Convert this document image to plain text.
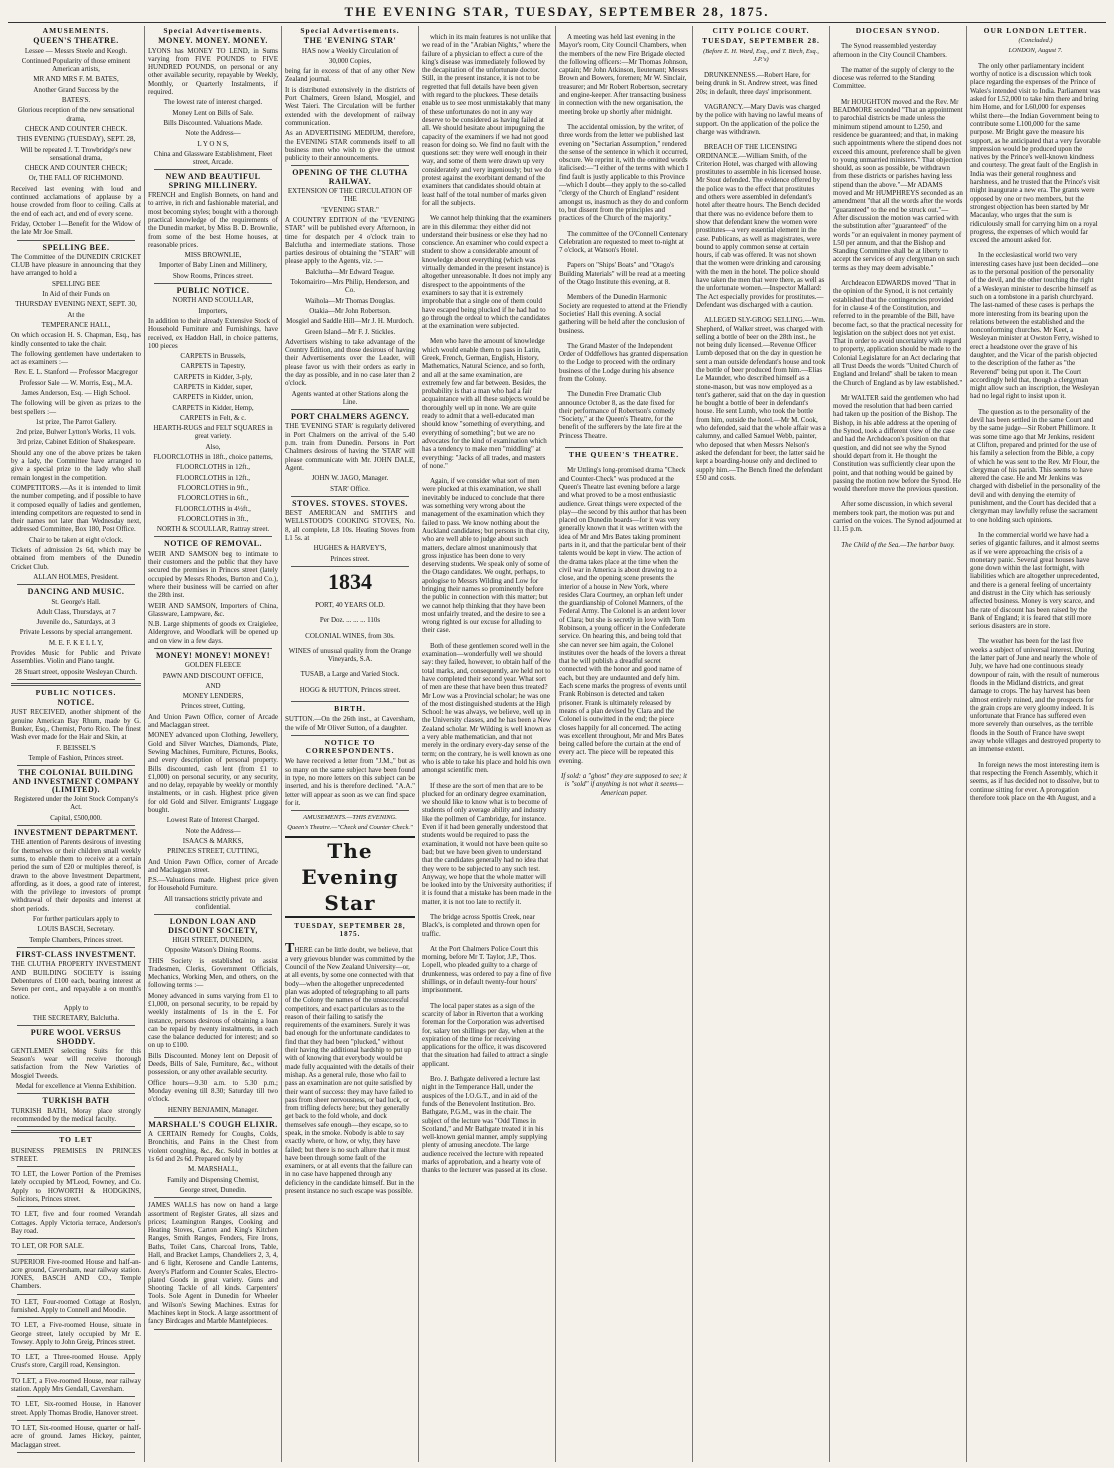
THE EVENING STAR, TUESDAY, SEPTEMBER 28, 1875.
AMUSEMENTS.
QUEEN'S THEATRE.

Lessee — Messrs Steele and Keogh.

Continued Popularity of those eminent American artists,

MR AND MRS F. M. BATES,

Another Grand Success by the

BATES'S.

Glorious reception of the new sensational drama,

CHECK AND COUNTER CHECK.

THIS EVENING (TUESDAY), SEPT. 28,

Will be repeated J. T. Trowbridge's new sensational drama,

CHECK AND COUNTER CHECK;

Or, THE FALL OF RICHMOND.

Received last evening with loud and continued acclamations of applause by a house crowded from floor to ceiling. Calls at the end of each act, and end of every scene.

Friday, October 1—Benefit for the Widow of the late Mr Joe Small.

SPELLING BEE.

The Committee of the DUNEDIN CRICKET CLUB have pleasure in announcing that they have arranged to hold a

SPELLING BEE

In Aid of their Funds on

THURSDAY EVENING NEXT, SEPT. 30,

At the

TEMPERANCE HALL,

On which occasion H. S. Chapman, Esq., has kindly consented to take the chair.

The following gentlemen have undertaken to act as examiners :—

Rev. E. L. Stanford — Professor Macgregor

Professor Sale — W. Morris, Esq., M.A.

James Anderson, Esq. — High School.

The following will be given as prizes to the best spellers :—

1st prize, The Parrot Gallery.

2nd prize, Bulwer Lytton's Works, 11 vols.

3rd prize, Cabinet Edition of Shakespeare.

Should any one of the above prizes be taken by a lady, the Committee have arranged to give a special prize to the lady who shall remain longest in the competition.

COMPETITORS.—As it is intended to limit the number competing, and if possible to have it composed equally of ladies and gentlemen, intending competitors are requested to send in their names not later than Wednesday next, addressed Committee, Box 180, Post Office.

Chair to be taken at eight o'clock.

Tickets of admission 2s 6d, which may be obtained from members of the Dunedin Cricket Club.

ALLAN HOLMES, President.

DANCING AND MUSIC.

St. George's Hall.

Adult Class, Thursdays, at 7

Juvenile do., Saturdays, at 3

Private Lessons by special arrangement.

M. E. F. K E L L Y,

Provides Music for Public and Private Assemblies. Violin and Piano taught.

28 Stuart street, opposite Wesleyan Church.

PUBLIC NOTICES.
NOTICE.

JUST RECEIVED, another shipment of the genuine American Bay Rhum, made by G. Bunker, Esq., Chemist, Porto Rico. The finest Wash ever made for the Hair and Skin, at

F. BEISSEL'S

Temple of Fashion, Princes street.

THE COLONIAL BUILDING AND INVESTMENT COMPANY (LIMITED).

Registered under the Joint Stock Company's Act.

Capital, £500,000.

INVESTMENT DEPARTMENT.

THE attention of Parents desirous of investing for themselves or their children small weekly sums, to enable them to receive at a certain period the sum of £20 or multiples thereof, is drawn to the above Investment Department, affording, as it does, a good rate of interest, with the privilege to investors of prompt withdrawal of their deposits and interest at short periods.

For further particulars apply to

LOUIS BASCH, Secretary.

Temple Chambers, Princes street.

FIRST-CLASS INVESTMENT.

THE CLUTHA PROPERTY INVESTMENT AND BUILDING SOCIETY is issuing Debentures of £100 each, bearing interest at Seven per cent., and repayable a on month's notice.

Apply to

THE SECRETARY, Balclutha.

PURE WOOL VERSUS SHODDY.

GENTLEMEN selecting Suits for this Season's wear will receive thorough satisfaction from the New Varieties of Mosgiel Tweeds.

Medal for excellence at Vienna Exhibition.

TURKISH BATH

TURKISH BATH, Moray place strongly recommended by the medical faculty.

TO LET

BUSINESS PREMISES IN PRINCES STREET.

TO LET, the Lower Portion of the Premises lately occupied by M'Leod, Fowney, and Co. Apply to HOWORTH & HODGKINS, Solicitors, Princes street.

TO LET, five and four roomed Verandah Cottages. Apply Victoria terrace, Anderson's Bay road.

TO LET, OR FOR SALE.

SUPERIOR Five-roomed House and half-an-acre ground, Caversham, near railway station. JONES, BASCH AND CO., Temple Chambers.

TO LET, Four-roomed Cottage at Roslyn, furnished. Apply to Connell and Moodie.

TO LET, a Five-roomed House, situate in George street, lately occupied by Mr E. Towsey. Apply to John Greig, Princes street.

TO LET, a Three-roomed House. Apply Crust's store, Cargill road, Kensington.

TO LET, a Five-roomed House, near railway station. Apply Mrs Gendall, Caversham.

TO LET, Six-roomed House, in Hanover street. Apply Thomas Brodie, Hanover street.

TO LET, Six-roomed House, quarter or half-acre of ground. James Hickey, painter, Maclaggan street.

Special Advertisements.
MONEY. MONEY. MONEY.

LYONS has MONEY TO LEND, in Sums varying from FIVE POUNDS to FIVE HUNDRED POUNDS, on personal or any other available security, repayable by Weekly, Monthly, or Quarterly Instalments, if required.

The lowest rate of interest charged.

Money Lent on Bills of Sale.

Bills Discounted. Valuations Made.

Note the Address—

L Y O N S,

China and Glassware Establishment, Fleet street, Arcade.

NEW AND BEAUTIFUL SPRING MILLINERY.

FRENCH and English Bonnets, on hand and to arrive, in rich and fashionable material, and most becoming styles; bought with a thorough practical knowledge of the requirements of the Dunedin market, by Miss B. D. Brownlie, from some of the best Home houses, at reasonable prices.

MISS BROWNLIE,

Importer of Baby Linen and Millinery,

Show Rooms, Princes street.

PUBLIC NOTICE.

NORTH AND SCOULLAR,

Importers,

In addition to their already Extensive Stock of Household Furniture and Furnishings, have received, ex Haddon Hall, in choice patterns, 100 pieces

CARPETS in Brussels,

CARPETS in Tapestry,

CARPETS in Kidder, 3-ply,

CARPETS in Kidder, super,

CARPETS in Kidder, union,

CARPETS in Kidder, Hemp,

CARPETS in Felt, & c.

HEARTH-RUGS and FELT SQUARES in great variety.

Also,

FLOORCLOTHS in 18ft., choice patterns,

FLOORCLOTHS in 12ft.,

FLOORCLOTHS in 12ft.,

FLOORCLOTHS in 9ft.,

FLOORCLOTHS in 6ft.,

FLOORCLOTHS in 4½ft.,

FLOORCLOTHS in 3ft.,

NORTH & SCOULLAR, Rattray street.

NOTICE OF REMOVAL.

WEIR AND SAMSON beg to intimate to their customers and the public that they have secured the premises in Princes street (lately occupied by Messrs Rhodes, Burton and Co.), where their business will be carried on after the 28th inst.

WEIR AND SAMSON, Importers of China, Glassware, Lampware, &c.

N.B. Large shipments of goods ex Craigielee, Aldergrove, and Woodlark will be opened up and on view in a few days.

MONEY! MONEY! MONEY!

GOLDEN FLEECE

PAWN AND DISCOUNT OFFICE,

AND

MONEY LENDERS,

Princes street, Cutting,

And Union Pawn Office, corner of Arcade and Maclaggan street.

MONEY advanced upon Clothing, Jewellery, Gold and Silver Watches, Diamonds, Plate, Sewing Machines, Furniture, Pictures, Books, and every description of personal property. Bills discounted, cash lent (from £1 to £1,000) on personal security, or any security, and no delay, repayable by weekly or monthly instalments, or in cash. Highest price given for old Gold and Silver. Emigrants' Luggage bought.

Lowest Rate of Interest Charged.

Note the Address—

ISAACS & MARKS,

PRINCES STREET, CUTTING,

And Union Pawn Office, corner of Arcade and Maclaggan street.

P.S.—Valuations made. Highest price given for Household Furniture.

All transactions strictly private and confidential.

LONDON LOAN AND DISCOUNT SOCIETY,

HIGH STREET, DUNEDIN,

Opposite Watson's Dining Rooms.

THIS Society is established to assist Tradesmen, Clerks, Government Officials, Mechanics, Working Men, and others, on the following terms :—

Money advanced in sums varying from £1 to £1,000, on personal security, to be repaid by weekly instalments of 1s in the £. For instance, persons desirous of obtaining a loan can be repaid by twenty instalments, in each case the balance deducted for interest; and so on up to £100.

Bills Discounted. Money lent on Deposit of Deeds, Bills of Sale, Furniture, &c., without possession, or any other available security.

Office hours—9.30 a.m. to 5.30 p.m.; Monday evening till 8.30; Saturday till two o'clock.

HENRY BENJAMIN, Manager.

MARSHALL'S COUGH ELIXIR.

A CERTAIN Remedy for Coughs, Colds, Bronchitis, and Pains in the Chest from violent coughing, &c., &c. Sold in bottles at 1s 6d and 2s 6d. Prepared only by

M. MARSHALL,

Family and Dispensing Chemist,

George street, Dunedin.

JAMES WALLS has now on hand a large assortment of Register Grates, all sizes and prices; Leamington Ranges, Cooking and Heating Stoves, Carton and King's Kitchen Ranges, Smith Ranges, Fenders, Fire Irons, Baths, Toilet Cans, Charcoal Irons, Table, Hall, and Bracket Lamps, Chandeliers 2, 3, 4, and 6 light, Kerosene and Candle Lanterns, Avery's Platform and Counter Scales, Electro-plated Goods in great variety. Guns and Shooting Tackle of all kinds. Carpenters' Tools. Sole Agent in Dunedin for Wheeler and Wilson's Sewing Machines. Extras for Machines kept in Stock. A large assortment of fancy Birdcages and Marble Mantelpieces.

Special Advertisements.
THE 'EVENING STAR'

HAS now a Weekly Circulation of

30,000 Copies,

being far in excess of that of any other New Zealand journal.

It is distributed extensively in the districts of Port Chalmers, Green Island, Mosgiel, and West Taieri. The Circulation will be further extended with the development of railway communication.

As an ADVERTISING MEDIUM, therefore, the EVENING STAR commends itself to all business men who wish to give the utmost publicity to their announcements.

OPENING OF THE CLUTHA RAILWAY.

EXTENSION OF THE CIRCULATION OF THE

"EVENING STAR."

A COUNTRY EDITION of the "EVENING STAR" will be published every Afternoon, in time for despatch per 4 o'clock train to Balclutha and intermediate stations. Those parties desirous of obtaining the "STAR" will please apply to the Agents, viz. :—

Balclutha—Mr Edward Teague.

Tokomairiro—Mrs Philip, Henderson, and Co.

Waihola—Mr Thomas Douglas.

Otakia—Mr John Robertson.

Mosgiel and Saddle Hill—Mr J. H. Murdoch.

Green Island—Mr F. J. Stickles.

Advertisers wishing to take advantage of the Country Edition, and those desirous of having their Advertisements over the Leader, will please favor us with their orders as early in the day as possible, and in no case later than 2 o'clock.

Agents wanted at other Stations along the Line.

PORT CHALMERS AGENCY.

THE 'EVENING STAR' is regularly delivered in Port Chalmers on the arrival of the 5.40 p.m. train from Dunedin. Persons in Port Chalmers desirous of having the 'STAR' will please communicate with Mr. JOHN DALE, Agent.

JOHN W. JAGO, Manager.

STAR' Office.

STOVES. STOVES. STOVES.

BEST AMERICAN and SMITH'S and WELLSTOOD'S COOKING STOVES, No. 8, all complete, L8 10s. Heating Stoves from L1 5s. at

HUGHES & HARVEY'S,

Princes street.

1834

PORT, 40 YEARS OLD.

Per Doz. ... ... ... 110s

COLONIAL WINES, from 30s.

WINES of unusual quality from the Orange Vineyards, S.A.

TUSAB, a Large and Varied Stock.

HOGG & HUTTON, Princes street.

BIRTH.

SUTTON.—On the 26th inst., at Caversham, the wife of Mr Oliver Sutton, of a daughter.

NOTICE TO CORRESPONDENTS.

We have received a letter from "J.M.," but as so many on the same subject have been found in type, no more letters on this subject can be inserted, and his is therefore declined. "A.A." letter will appear as soon as we can find space for it.

AMUSEMENTS.—THIS EVENING.
Queen's Theatre.—"Check and Counter Check."
The Evening Star
TUESDAY, SEPTEMBER 28, 1875.

THERE can be little doubt, we believe, that a very grievous blunder was committed by the Council of the New Zealand University—or, at all events, by some one connected with that body—when the altogether unprecedented plan was adopted of telegraphing to all parts of the Colony the names of the unsuccessful competitors, and exact particulars as to the reason of their failing to satisfy the requirements of the examiners. Surely it was bad enough for the unfortunate candidates to find that they had been "plucked," without their having the additional hardship to put up with of knowing that everybody would be made fully acquainted with the details of their mishap. As a general rule, those who fail to pass an examination are not quite satisfied by their want of success: they may have failed to pass from sheer nervousness, or bad luck, or from trifling defects here; but they generally get back to the fold whole, and dock themselves safe enough—they escape, so to speak, in the smoke. Nobody is able to say exactly where, or how, or why, they have failed; but there is no such allure that it must have been through some fault of the examiners, or at all events that the failure can in no case have happened through any deficiency in the candidate himself. But in the present instance no such escape was possible.

which in its main features is not unlike that we read of in the "Arabian Nights," where the failure of a physician to effect a cure of the king's disease was immediately followed by the decapitation of the unfortunate doctor. Still, in the present instance, it is not to be regretted that full details have been given with regard to the pluckees. These details enable us to see most unmistakably that many of these unfortunates do not in any way deserve to be considered as having failed at all. We should hesitate about impugning the capacity of the examiners if we had not good reason for doing so. We find no fault with the questions set: they were well enough in their way, and some of them were drawn up very considerately and very ingeniously; but we do protest against the exorbitant demand of the examiners that candidates should obtain at least half of the total number of marks given for all the subjects.

We cannot help thinking that the examiners are in this dilemma: they either did not understand their business or else they had no conscience. An examiner who could expect a student to show a considerable amount of knowledge about everything (which was virtually demanded in the present instance) is altogether unreasonable. It does not imply any disrespect to the appointments of the examiners to say that it is extremely improbable that a single one of them could have escaped being plucked if he had had to go through the ordeal to which the candidates at the examination were subjected.

Men who have the amount of knowledge which would enable them to pass in Latin, Greek, French, German, English, History, Mathematics, Natural Science, and so forth, and all at the same examination, are extremely few and far between. Besides, the probability is that a man who had a fair acquaintance with all these subjects would be thoroughly well up in none. We are quite ready to admit that a well-educated man should know "something of everything, and everything of something"; but we are no advocates for the kind of examination which has a tendency to make men "middling" at everything: "Jacks of all trades, and masters of none."

Again, if we consider what sort of men were plucked at this examination, we shall inevitably be induced to conclude that there was something very wrong about the management of the examination which they failed to pass. We know nothing about the Auckland candidates; but persons in that city, who are well able to judge about such matters, declare almost unanimously that gross injustice has been done to very deserving students. We speak only of some of the Otago candidates. We ought, perhaps, to apologise to Messrs Wilding and Low for bringing their names so prominently before the public in connection with this matter; but we cannot help thinking that they have been most unfairly treated, and the desire to see a wrong righted is our excuse for alluding to their case.

Both of these gentlemen scored well in the examination—wonderfully well we should say: they failed, however, to obtain half of the total marks, and, consequently, are held not to have completed their second year. What sort of men are these that have been thus treated? Mr Low was a Provincial scholar; he was one of the most distinguished students at the High School: he was always, we believe, well up in the University classes, and he has been a New Zealand scholar. Mr Wilding is well known as a very able mathematician, and that not merely in the ordinary every-day sense of the term; on the contrary, he is well known as one who is able to take his place and hold his own amongst scientific men.

If these are the sort of men that are to be plucked for an ordinary degree examination, we should like to know what is to become of students of only average ability and industry like the pollmen of Cambridge, for instance. Even if it had been generally understood that students would be required to pass the examination, it would not have been quite so bad; but we have been given to understand that the candidates generally had no idea that they were to be subjected to any such test. Anyway, we hope that the whole matter will be looked into by the University authorities; if it is found that a mistake has been made in the matter, it is not too late to rectify it.

The bridge across Spottis Creek, near Black's, is completed and thrown open for traffic.

At the Port Chalmers Police Court this morning, before Mr T. Taylor, J.P., Thos. Lopell, who pleaded guilty to a charge of drunkenness, was ordered to pay a fine of five shillings, or in default twenty-four hours' imprisonment.

The local paper states as a sign of the scarcity of labor in Riverton that a working foreman for the Corporation was advertised for, salary ten shillings per day, when at the expiration of the time for receiving applications for the office, it was discovered that the situation had failed to attract a single applicant.

Bro. J. Bathgate delivered a lecture last night in the Temperance Hall, under the auspices of the I.O.G.T., and in aid of the funds of the Benevolent Institution. Bro. Bathgate, P.G.M., was in the chair. The subject of the lecture was "Odd Times in Scotland," and Mr Bathgate treated it in his well-known genial manner, amply supplying plenty of amusing anecdote. The large audience received the lecture with repeated marks of approbation, and a hearty vote of thanks to the lecturer was passed at its close.

A meeting was held last evening in the Mayor's room, City Council Chambers, when the members of the new Fire Brigade elected the following officers:—Mr Thomas Johnson, captain; Mr John Atkinson, lieutenant; Messrs Brown and Bowers, foremen; Mr W. Sinclair, treasurer; and Mr Robert Robertson, secretary and engine-keeper. After transacting business in connection with the new organisation, the meeting broke up shortly after midnight.

The accidental omission, by the writer, of three words from the letter we published last evening on "Sectarian Assumption," rendered the sense of the sentence in which it occurred, obscure. We reprint it, with the omitted words italicised:—"I either of the terms with which I find fault is justly applicable to this Province—which I doubt—they apply to the so-called "clergy of the Church of England" resident amongst us, inasmuch as they do and conform to, but dissent from the principles and practices of the Church of the majority."

The committee of the O'Connell Centenary Celebration are requested to meet to-night at 7 o'clock, at Watson's Hotel.

Papers on "Ships' Boats" and "Otago's Building Materials" will be read at a meeting of the Otago Institute this evening, at 8.

Members of the Dunedin Harmonic Society are requested to attend at the Friendly Societies' Hall this evening. A social gathering will be held after the conclusion of business.

The Grand Master of the Independent Order of Oddfellows has granted dispensation to the Lodge to proceed with the ordinary business of the Lodge during his absence from the Colony.

The Dunedin Free Dramatic Club announce October 8, as the date fixed for their performance of Robertson's comedy "Society," at the Queen's Theatre, for the benefit of the sufferers by the late fire at the Princess Theatre.

THE QUEEN'S THEATRE.

Mr Uttling's long-promised drama "Check and Counter-Check" was produced at the Queen's Theatre last evening before a large and what proved to be a most enthusiastic audience. Great things were expected of the play—the second by this author that has been placed on Dunedin boards—for it was very generally known that it was written with the idea of Mr and Mrs Bates taking prominent parts in it, and that the particular bent of their talents would be kept in view. The action of the drama takes place at the time when the civil war in America is about drawing to a close, and the opening scene presents the interior of a house in New York, where resides Clara Courtney, an orphan left under the guardianship of Colonel Manners, of the Federal Army. The Colonel is an ardent lover of Clara; but she is secretly in love with Tom Robinson, a young officer in the Confederate service. On hearing this, and being told that she can never see him again, the Colonel institutes over the heads of the lovers a threat that he will publish a dreadful secret connected with the honor and good name of each, but they are undaunted and defy him. Each scene marks the progress of events until Frank Robinson is detected and taken prisoner. Frank is ultimately released by means of a plan devised by Clara and the Colonel is outwitted in the end; the piece closes happily for all concerned. The acting was excellent throughout, Mr and Mrs Bates being called before the curtain at the end of every act. The piece will be repeated this evening.

If sold: a "ghost" they are supposed to see; it is "sold" if anything is not what it seems—American paper.
CITY POLICE COURT.
TUESDAY, SEPTEMBER 28.
(Before E. H. Ward, Esq., and T. Birch, Esq., J.P.'s)

DRUNKENNESS.—Robert Hare, for being drunk in St. Andrew street, was fined 20s; in default, three days' imprisonment.

VAGRANCY.—Mary Davis was charged by the police with having no lawful means of support. On the application of the police the charge was withdrawn.

BREACH OF THE LICENSING ORDINANCE.—William Smith, of the Criterion Hotel, was charged with allowing prostitutes to assemble in his licensed house. Mr Stout defended. The evidence offered by the police was to the effect that prostitutes and others were assembled in defendant's hotel after theatre hours. The Bench decided that there was no evidence before them to show that defendant knew the women were prostitutes—a very essential element in the case. Publicans, as well as magistrates, were bound to apply common sense at certain hours, if cab was offered. It was not shown that the women were drinking and carousing with the men in the hotel. The police should have taken the men that were there, as well as the unfortunate women.—Inspector Mallard: The Act especially provides for prostitutes.—Defendant was discharged with a caution.

ALLEGED SLY-GROG SELLING.—Wm. Shepherd, of Walker street, was charged with selling a bottle of beer on the 28th inst., he not being duly licensed.—Revenue Officer Lumb deposed that on the day in question he sent a man outside defendant's house and took the bottle of beer produced from him.—Elias Le Maunder, who described himself as a stone-mason, but was now employed as a tent's gatherer, said that on the day in question he bought a bottle of beer in defendant's house. He sent Lumb, who took the bottle from him, outside the hotel.—Mr M. Cook, who defended, said that the whole affair was a calumny, and called Samuel Webb, painter, who deposed that when Messrs Nelson's asked the defendant for beer, the latter said he kept a boarding-house only and declined to supply him.—The Bench fined the defendant £50 and costs.

DIOCESAN SYNOD.

The Synod reassembled yesterday afternoon in the City Council Chambers.

The matter of the supply of clergy to the diocese was referred to the Standing Committee.

Mr HOUGHTON moved and the Rev. Mr BEADMORE seconded "That an appointment to parochial districts be made unless the minimum stipend amount to L250, and residence be guaranteed; and that, in making such appointments where the stipend does not exceed this amount, preference shall be given to young unmarried ministers." That objection should, as soon as possible, be withdrawn from these districts or parishes having less stipend than the above."—Mr ADAMS moved and Mr HUMPHREYS seconded as an amendment "that all the words after the words "guaranteed" to the end be struck out."—After discussion the motion was carried with the substitution after "guaranteed" of the words "or an equivalent in money payment of L50 per annum, and that the Bishop and Standing Committee shall be at liberty to accept the services of any clergyman on such terms as they may deem advisable."

Archdeacon EDWARDS moved "That in the opinion of the Synod, it is not certainly established that the contingencies provided for in clause 4 of the Constitution, and referred to in the preamble of the Bill, have become fact, so that the practical necessity for legislation on the subject does not yet exist. That in order to avoid uncertainty with regard to property, application should be made to the Colonial Legislature for an Act declaring that all Trust Deeds the words "United Church of England and Ireland" shall be taken to mean the Church of England as by law established."

Mr WALTER said the gentlemen who had moved the resolution that had been carried had taken up the position of the Bishop. The Bishop, in his able address at the opening of the Synod, took a different view of the case and had the Archdeacon's position on that question, and did not see why the Synod should depart from it. He thought the Constitution was sufficiently clear upon the point, and that nothing would be gained by passing the motion now before the Synod. He would therefore move the previous question.

After some discussion, in which several members took part, the motion was put and carried on the voices. The Synod adjourned at 11.15 p.m.

The Child of the Sea.—The harbor buoy.
OUR LONDON LETTER.
(Concluded.)
LONDON, August 7.

The only other parliamentary incident worthy of notice is a discussion which took place regarding the expenses of the Prince of Wales's intended visit to India. Parliament was asked for L52,000 to take him there and bring him Home, and for L60,000 for expenses whilst there—the Indian Government being to contribute some L100,000 for the same purpose. Mr Bright gave the measure his support, as he anticipated that a very favorable impression would be produced upon the natives by the Prince's well-known kindness and courtesy. The great fault of the English in India was their general roughness and harshness, and he trusted that the Prince's visit might inaugurate a new era. The grants were opposed by one or two members, but the strongest objection has been started by Mr Macaulay, who urges that the sum is ridiculously small for carrying him on a royal progress, the expenses of which would far exceed the amount asked for.

In the ecclesiastical world two very interesting cases have just been decided—one as to the personal position of the personality of the devil, and the other touching the right of a Wesleyan minister to describe himself as such on a tombstone in a parish churchyard. The last-named of these cases is perhaps the more interesting from its bearing upon the relations between the established and the nonconforming churches. Mr Keet, a Wesleyan minister at Owston Ferry, wished to erect a headstone over the grave of his daughter, and the Vicar of the parish objected to the description of the father as "the Reverend" being put upon it. The Court accordingly held that, though a clergyman might allow such an inscription, the Wesleyan had no legal right to insist upon it.

The question as to the personality of the devil has been settled in the same Court and by the same judge—Sir Robert Phillimore. It was some time ago that Mr Jenkins, resident at Clifton, prepared and printed for the use of his family a selection from the Bible, a copy of which he was sent to the Rev. Mr Flour, the clergyman of his parish. This seems to have altered the case. He and Mr Jenkins was charged with disbelief in the personality of the devil and with denying the eternity of punishment, and the Court has decided that a clergyman may lawfully refuse the sacrament to one holding such opinions.

In the commercial world we have had a series of gigantic failures, and it almost seems as if we were approaching the crisis of a monetary panic. Several great houses have gone down within the last fortnight, with liabilities which are altogether unprecedented, and there is a general feeling of uncertainty and distrust in the City which has seriously affected business. Money is very scarce, and the rate of discount has been raised by the Bank of England; it is feared that still more serious disasters are in store.

The weather has been for the last five weeks a subject of universal interest. During the latter part of June and nearly the whole of July, we have had one continuous steady downpour of rain, with the result of numerous floods in the Midland districts, and great damage to crops. The hay harvest has been almost entirely ruined, and the prospects for the grain crops are very gloomy indeed. It is unfortunate that France has suffered even more severely than ourselves, as the terrible floods in the South of France have swept away whole villages and destroyed property to an immense extent.

In foreign news the most interesting item is that respecting the French Assembly, which it seems, as if has decided not to dissolve, but to continue sitting for ever. A prorogation therefore took place on the 4th August, and a
